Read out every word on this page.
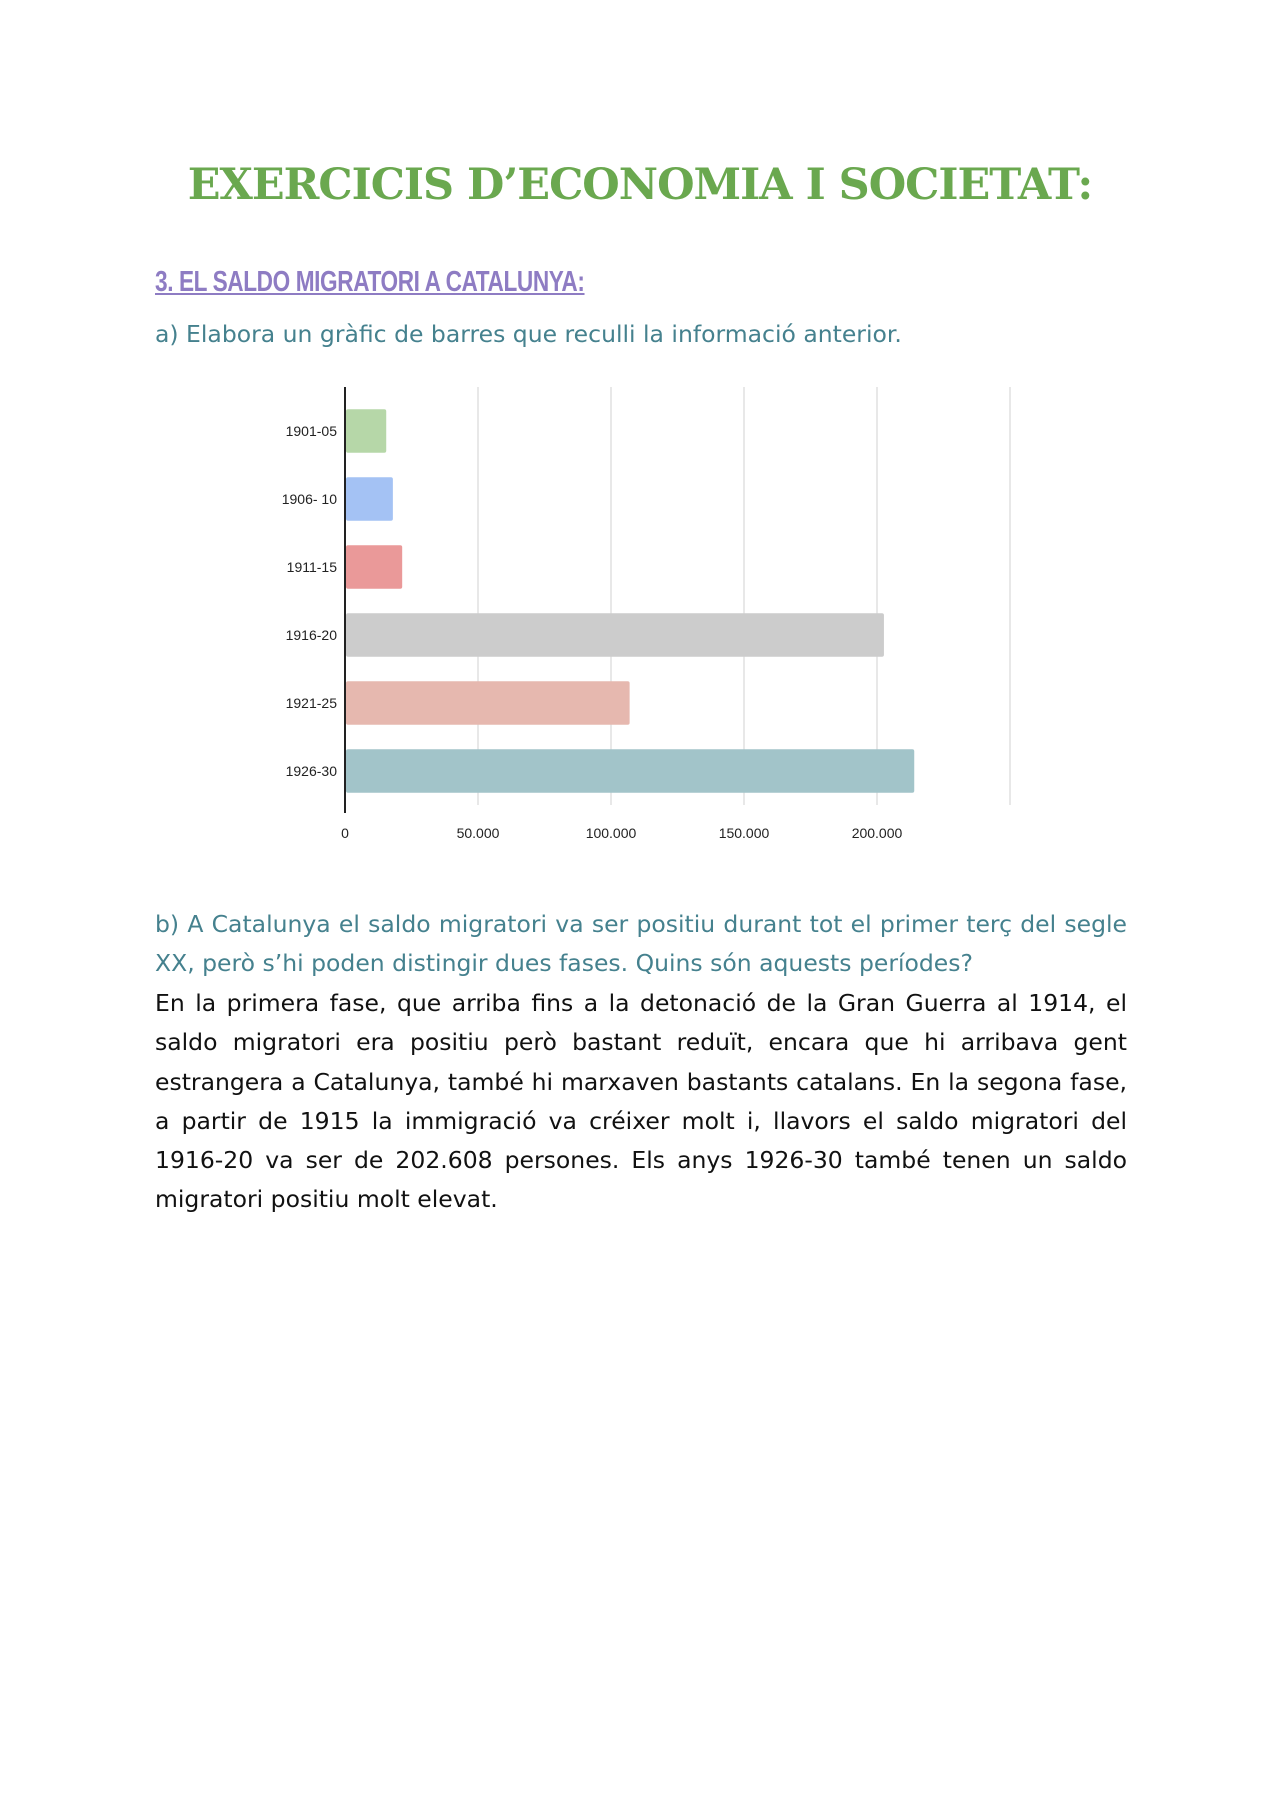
EXERCICIS D’ECONOMIA I SOCIETAT:
3. EL SALDO MIGRATORI A CATALUNYA:

a) Elabora un gràfic de barres que reculli la informació anterior.

1901-05
1906- 10
1911-15
1916-20
1921-25
1926-30
0	50.000	100.000	150.000	200.000

b) A Catalunya el saldo migratori va ser positiu durant tot el primer terç del segle XX, però s’hi poden distingir dues fases. Quins són aquests períodes?

En la primera fase, que arriba fins a la detonació de la Gran Guerra al 1914, el saldo migratori era positiu però bastant reduït, encara que hi arribava gent estrangera a Catalunya, també hi marxaven bastants catalans. En la segona fase, a partir de 1915 la immigració va créixer molt i, llavors el saldo migratori del 1916-20 va ser de 202.608 persones. Els anys 1926-30 també tenen un saldo migratori positiu molt elevat.
